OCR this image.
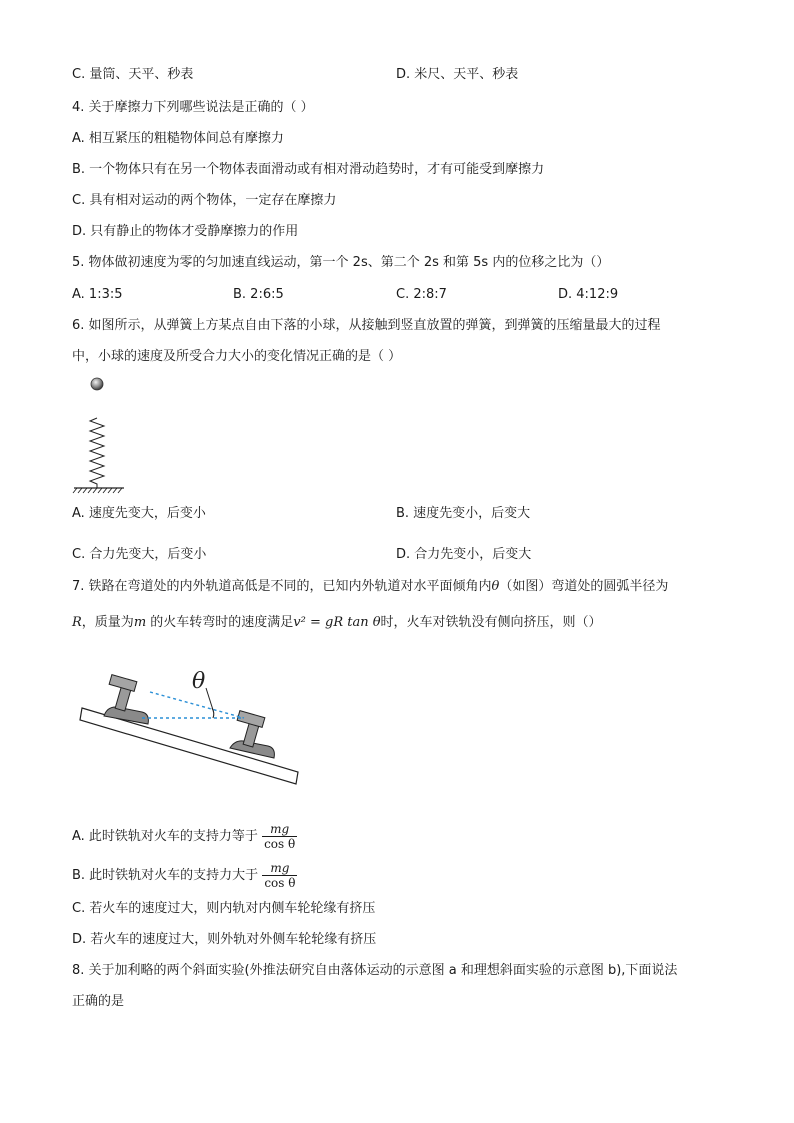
C. 量筒、天平、秒表	D. 米尺、天平、秒表
4. 关于摩擦力下列哪些说法是正确的（ ）
A. 相互紧压的粗糙物体间总有摩擦力
B. 一个物体只有在另一个物体表面滑动或有相对滑动趋势时，才有可能受到摩擦力
C. 具有相对运动的两个物体，一定存在摩擦力
D. 只有静止的物体才受静摩擦力的作用
5. 物体做初速度为零的匀加速直线运动，第一个 2s、第二个 2s 和第 5s 内的位移之比为（）
A. 1:3:5	B. 2:6:5	C. 2:8:7	D. 4:12:9
6. 如图所示，从弹簧上方某点自由下落的小球，从接触到竖直放置的弹簧，到弹簧的压缩量最大的过程
中，小球的速度及所受合力大小的变化情况正确的是（ ）
A. 速度先变大，后变小	B. 速度先变小，后变大
C. 合力先变大，后变小	D. 合力先变小，后变大
7. 铁路在弯道处的内外轨道高低是不同的，已知内外轨道对水平面倾角内θ（如图）弯道处的圆弧半径为
R，质量为m 的火车转弯时的速度满足v² = gR tan θ时，火车对铁轨没有侧向挤压，则（）
θ
A. 此时铁轨对火车的支持力等于 $\frac{mg}{\text{cos θ}}$
B. 此时铁轨对火车的支持力大于 $\frac{mg}{\text{cos θ}}$
C. 若火车的速度过大，则内轨对内侧车轮轮缘有挤压
D. 若火车的速度过大，则外轨对外侧车轮轮缘有挤压
8. 关于加利略的两个斜面实验(外推法研究自由落体运动的示意图 a 和理想斜面实验的示意图 b),下面说法
正确的是
